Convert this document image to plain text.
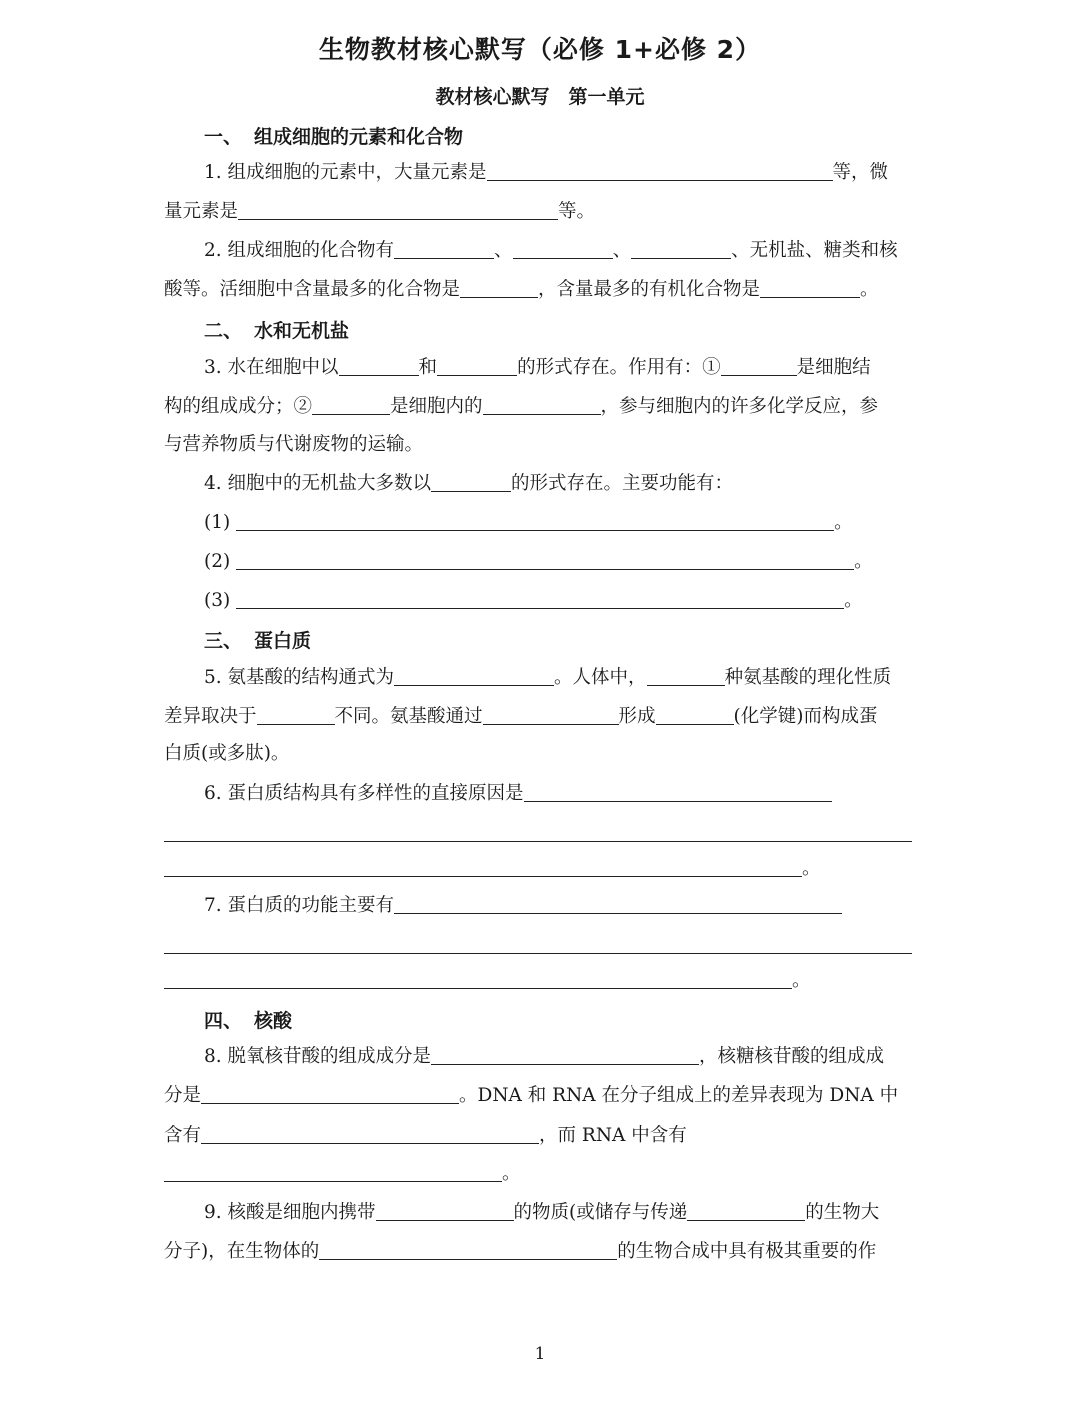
生物教材核心默写（必修 1+必修 2）
教材核心默写　第一单元
一、 组成细胞的元素和化合物
1. 组成细胞的元素中，大量元素是	等，微
量元素是	等。
2. 组成细胞的化合物有	、	、	、无机盐、糖类和核
酸等。活细胞中含量最多的化合物是	，含量最多的有机化合物是	。
二、 水和无机盐
3. 水在细胞中以	和	的形式存在。作用有：①	是细胞结
构的组成成分；②	是细胞内的	，参与细胞内的许多化学反应，参
与营养物质与代谢废物的运输。
4. 细胞中的无机盐大多数以	的形式存在。主要功能有：
(1)	。
(2)	。
(3)	。
三、 蛋白质
5. 氨基酸的结构通式为	。人体中，	种氨基酸的理化性质
差异取决于	不同。氨基酸通过	形成	(化学键)而构成蛋
白质(或多肽)。
6. 蛋白质结构具有多样性的直接原因是
。
7. 蛋白质的功能主要有
。
四、 核酸
8. 脱氧核苷酸的组成成分是	，核糖核苷酸的组成成
分是	。DNA 和 RNA 在分子组成上的差异表现为 DNA 中
含有	，而 RNA 中含有
。
9. 核酸是细胞内携带	的物质(或储存与传递	的生物大
分子)，在生物体的	的生物合成中具有极其重要的作
1
